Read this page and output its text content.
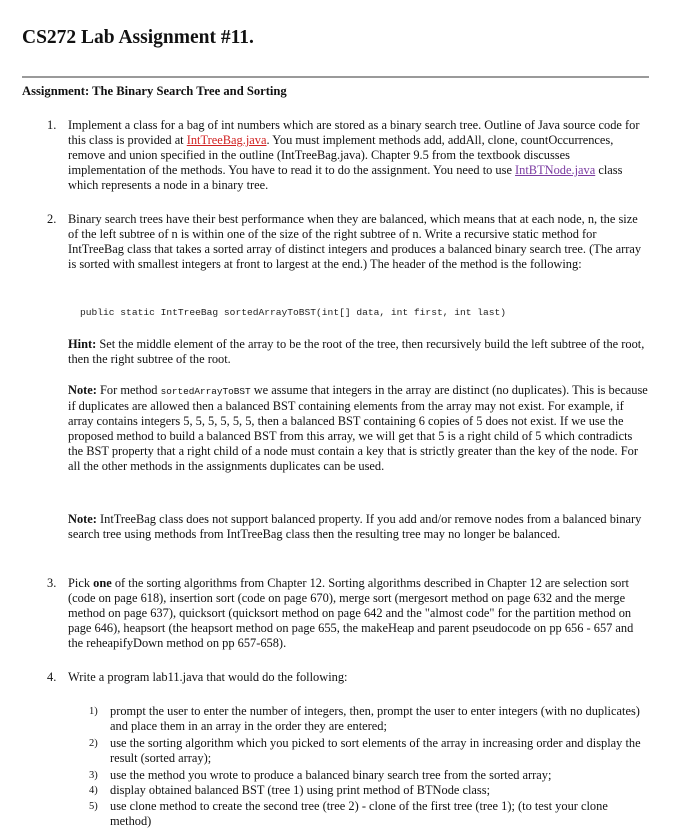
CS272 Lab Assignment #11.
Assignment: The Binary Search Tree and Sorting
1. Implement a class for a bag of int numbers which are stored as a binary search tree. Outline of Java source code for this class is provided at IntTreeBag.java. You must implement methods add, addAll, clone, countOccurrences, remove and union specified in the outline (IntTreeBag.java). Chapter 9.5 from the textbook discusses implementation of the methods. You have to read it to do the assignment. You need to use IntBTNode.java class which represents a node in a binary tree.
2. Binary search trees have their best performance when they are balanced, which means that at each node, n, the size of the left subtree of n is within one of the size of the right subtree of n. Write a recursive static method for IntTreeBag class that takes a sorted array of distinct integers and produces a balanced binary search tree. (The array is sorted with smallest integers at front to largest at the end.) The header of the method is the following:
public static IntTreeBag sortedArrayToBST(int[] data, int first, int last)
Hint: Set the middle element of the array to be the root of the tree, then recursively build the left subtree of the root, then the right subtree of the root.
Note: For method sortedArrayToBST we assume that integers in the array are distinct (no duplicates). This is because if duplicates are allowed then a balanced BST containing elements from the array may not exist. For example, if array contains integers 5, 5, 5, 5, 5, 5, then a balanced BST containing 6 copies of 5 does not exist. If we use the proposed method to build a balanced BST from this array, we will get that 5 is a right child of 5 which contradicts the BST property that a right child of a node must contain a key that is strictly greater than the key of the node. For all the other methods in the assignments duplicates can be used.
Note: IntTreeBag class does not support balanced property. If you add and/or remove nodes from a balanced binary search tree using methods from IntTreeBag class then the resulting tree may no longer be balanced.
3. Pick one of the sorting algorithms from Chapter 12. Sorting algorithms described in Chapter 12 are selection sort (code on page 618), insertion sort (code on page 670), merge sort (mergesort method on page 632 and the merge method on page 637), quicksort (quicksort method on page 642 and the "almost code" for the partition method on page 646), heapsort (the heapsort method on page 655, the makeHeap and parent pseudocode on pp 656 - 657 and the reheapifyDown method on pp 657-658).
4. Write a program lab11.java that would do the following:
1) prompt the user to enter the number of integers, then, prompt the user to enter integers (with no duplicates) and place them in an array in the order they are entered;
2) use the sorting algorithm which you picked to sort elements of the array in increasing order and display the result (sorted array);
3) use the method you wrote to produce a balanced binary search tree from the sorted array;
4) display obtained balanced BST (tree 1) using print method of BTNode class;
5) use clone method to create the second tree (tree 2) - clone of the first tree (tree 1); (to test your clone method)
